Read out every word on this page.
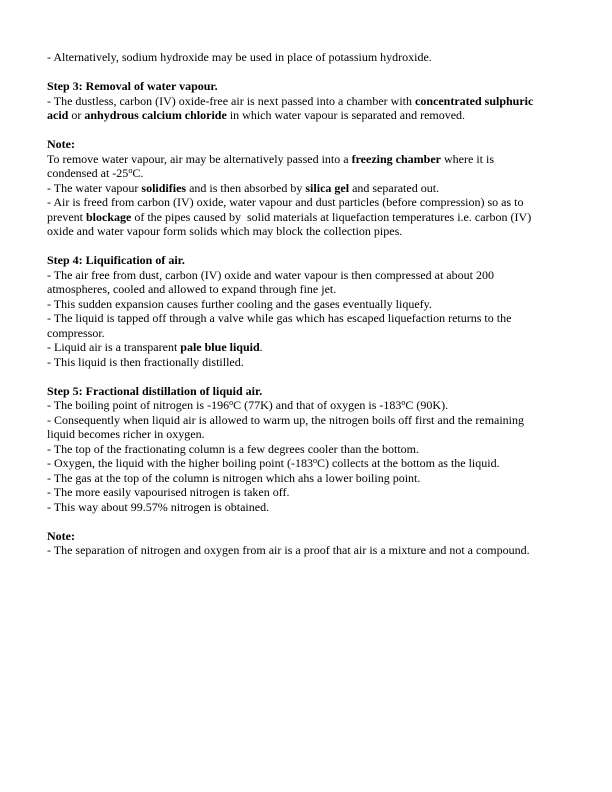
- Alternatively, sodium hydroxide may be used in place of potassium hydroxide.

Step 3: Removal of water vapour.
- The dustless, carbon (IV) oxide-free air is next passed into a chamber with concentrated sulphuric
acid or anhydrous calcium chloride in which water vapour is separated and removed.

Note:
To remove water vapour, air may be alternatively passed into a freezing chamber where it is
condensed at -25$^o$C.
- The water vapour solidifies and is then absorbed by silica gel and separated out.
- Air is freed from carbon (IV) oxide, water vapour and dust particles (before compression) so as to
prevent blockage of the pipes caused by  solid materials at liquefaction temperatures i.e. carbon (IV)
oxide and water vapour form solids which may block the collection pipes.

Step 4: Liquification of air.
- The air free from dust, carbon (IV) oxide and water vapour is then compressed at about 200
atmospheres, cooled and allowed to expand through fine jet.
- This sudden expansion causes further cooling and the gases eventually liquefy.
- The liquid is tapped off through a valve while gas which has escaped liquefaction returns to the
compressor.
- Liquid air is a transparent pale blue liquid.
- This liquid is then fractionally distilled.

Step 5: Fractional distillation of liquid air.
- The boiling point of nitrogen is -196$^o$C (77K) and that of oxygen is -183$^o$C (90K).
- Consequently when liquid air is allowed to warm up, the nitrogen boils off first and the remaining
liquid becomes richer in oxygen.
- The top of the fractionating column is a few degrees cooler than the bottom.
- Oxygen, the liquid with the higher boiling point (-183$^o$C) collects at the bottom as the liquid.
- The gas at the top of the column is nitrogen which ahs a lower boiling point.
- The more easily vapourised nitrogen is taken off.
- This way about 99.57% nitrogen is obtained.

Note:
- The separation of nitrogen and oxygen from air is a proof that air is a mixture and not a compound.
